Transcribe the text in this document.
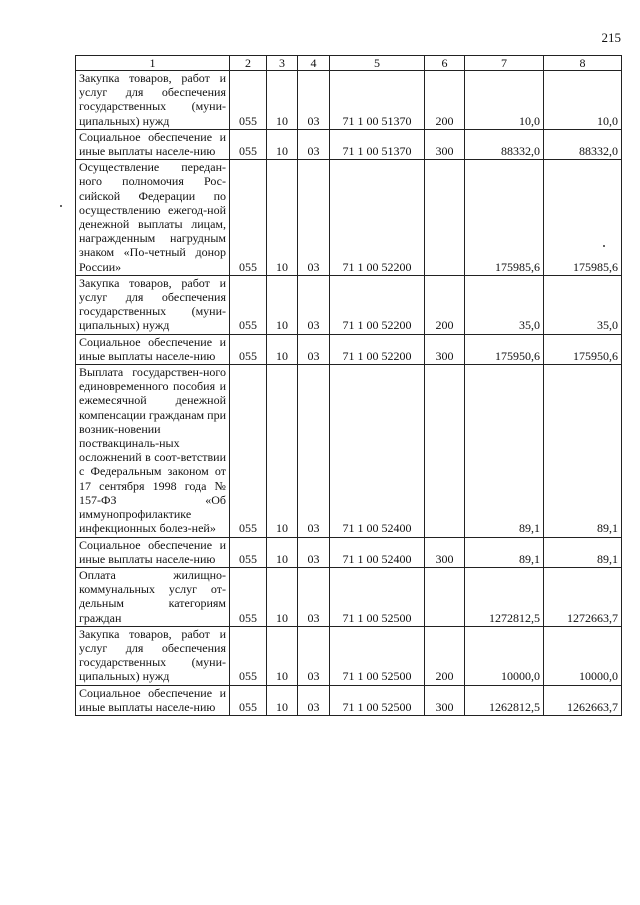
215
1	2	3	4	5	6	7	8
Закупка товаров, работ и услуг для обеспечения государственных (муни-ципальных) нужд	055	10	03	71 1 00 51370	200	10,0	10,0
Социальное обеспечение и иные выплаты населе-нию	055	10	03	71 1 00 51370	300	88332,0	88332,0
Осуществление передан-ного полномочия Рос-сийской Федерации по осуществлению ежегод-ной денежной выплаты лицам, награжденным нагрудным знаком «По-четный донор России»	055	10	03	71 1 00 52200		175985,6	175985,6
Закупка товаров, работ и услуг для обеспечения государственных (муни-ципальных) нужд	055	10	03	71 1 00 52200	200	35,0	35,0
Социальное обеспечение и иные выплаты населе-нию	055	10	03	71 1 00 52200	300	175950,6	175950,6
Выплата государствен-ного единовременного пособия и ежемесячной денежной компенсации гражданам при возник-новении поствакциналь-ных осложнений в соот-ветствии с Федеральным законом от 17 сентября 1998 года № 157-ФЗ «Об иммунопрофилактике инфекционных болез-ней»	055	10	03	71 1 00 52400		89,1	89,1
Социальное обеспечение и иные выплаты населе-нию	055	10	03	71 1 00 52400	300	89,1	89,1
Оплата жилищно-коммунальных услуг от-дельным категориям граждан	055	10	03	71 1 00 52500		1272812,5	1272663,7
Закупка товаров, работ и услуг для обеспечения государственных (муни-ципальных) нужд	055	10	03	71 1 00 52500	200	10000,0	10000,0
Социальное обеспечение и иные выплаты населе-нию	055	10	03	71 1 00 52500	300	1262812,5	1262663,7
